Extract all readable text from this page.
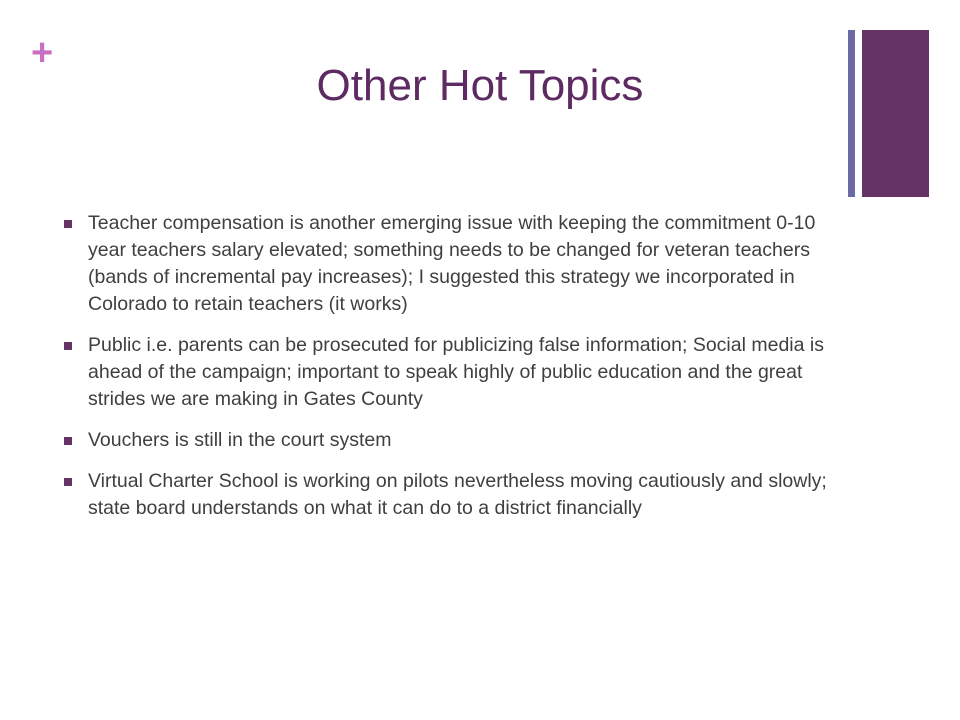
+
Other Hot Topics
Teacher compensation is another emerging issue with keeping the commitment 0-10 year teachers salary elevated; something needs to be changed for veteran teachers (bands of incremental pay increases); I suggested this strategy we incorporated in Colorado to retain teachers (it works)
Public i.e. parents can be prosecuted for publicizing false information; Social media is ahead of the campaign; important to speak highly of public education and the great strides we are making in Gates County
Vouchers is still in the court system
Virtual Charter School is working on pilots nevertheless moving cautiously and slowly; state board understands on what it can do to a district financially
